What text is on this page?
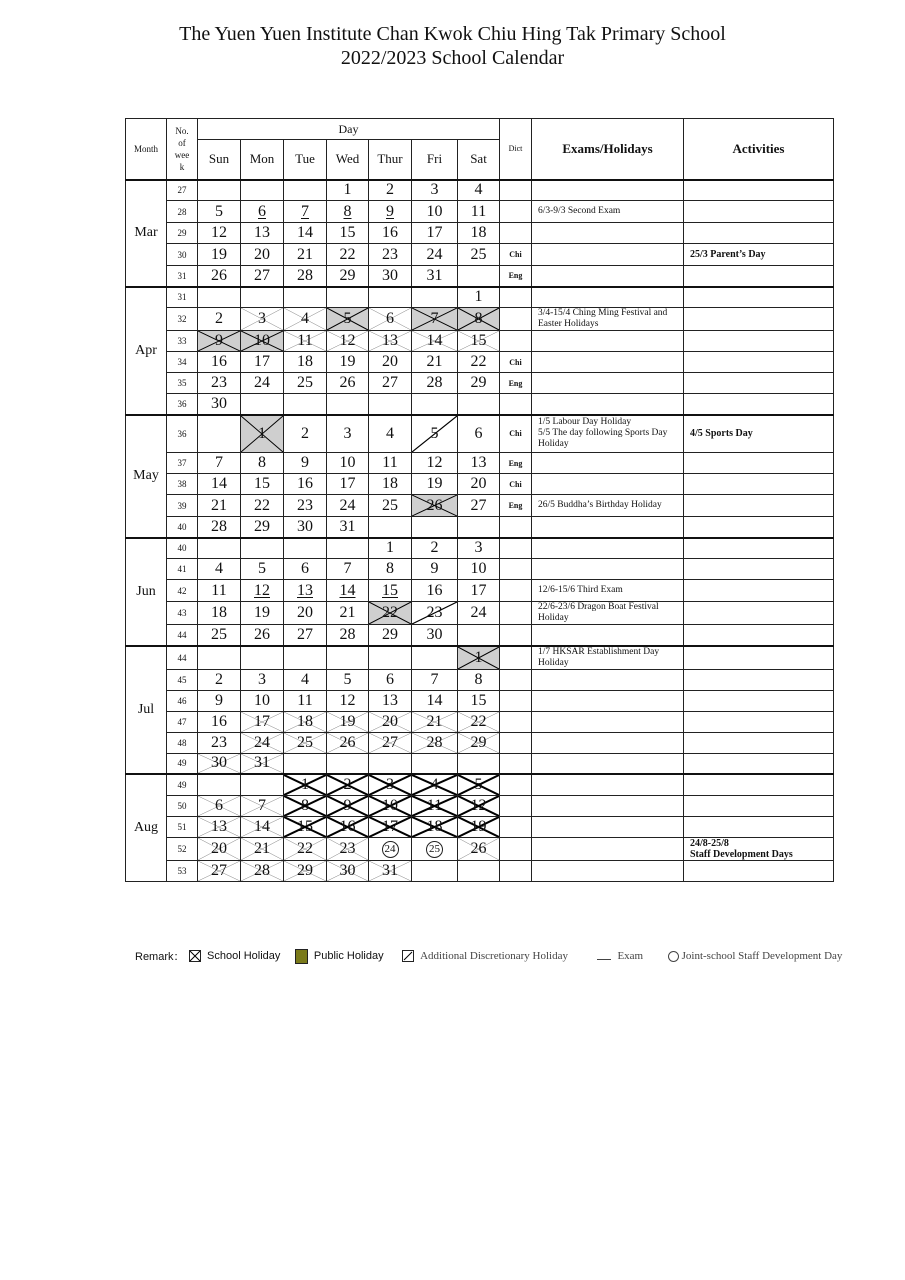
The Yuen Yuen Institute Chan Kwok Chiu Hing Tak Primary School
2022/2023 School Calendar
Month	No.
of
wee
k	Day							Dict	Exams/Holidays	Activities
		Sun	Mon	Tue	Wed	Thur	Fri	Sat			
Mar	27				1	2	3	4			
	28	5	6	7	8	9	10	11		6/3-9/3 Second Exam	
	29	12	13	14	15	16	17	18			
	30	19	20	21	22	23	24	25	Chi		25/3 Parent’s Day
	31	26	27	28	29	30	31		Eng		
Apr	31							1			
	32	2	3	4	5	6	7	8		3/4-15/4 Ching Ming Festival and Easter Holidays	
	33	9	10	11	12	13	14	15			
	34	16	17	18	19	20	21	22	Chi		
	35	23	24	25	26	27	28	29	Eng		
	36	30									
May	36		1	2	3	4	5	6	Chi	1/5 Labour Day Holiday
5/5 The day following Sports Day Holiday	4/5 Sports Day
	37	7	8	9	10	11	12	13	Eng		
	38	14	15	16	17	18	19	20	Chi		
	39	21	22	23	24	25	26	27	Eng	26/5 Buddha’s Birthday Holiday	
	40	28	29	30	31						
Jun	40					1	2	3			
	41	4	5	6	7	8	9	10			
	42	11	12	13	14	15	16	17		12/6-15/6 Third Exam	
	43	18	19	20	21	22	23	24		22/6-23/6 Dragon Boat Festival Holiday	
	44	25	26	27	28	29	30				
Jul	44							1		1/7 HKSAR Establishment Day Holiday	
	45	2	3	4	5	6	7	8			
	46	9	10	11	12	13	14	15			
	47	16	17	18	19	20	21	22			
	48	23	24	25	26	27	28	29			
	49	30	31								
Aug	49			1	2	3	4	5			
	50	6	7	8	9	10	11	12			
	51	13	14	15	16	17	18	19			
	52	20	21	22	23	24	25	26			24/8-25/8
Staff Development Days
	53	27	28	29	30	31					
Remark： School Holiday	Public Holiday	Additional Discretionary Holiday	Exam	Joint-school Staff Development Day
